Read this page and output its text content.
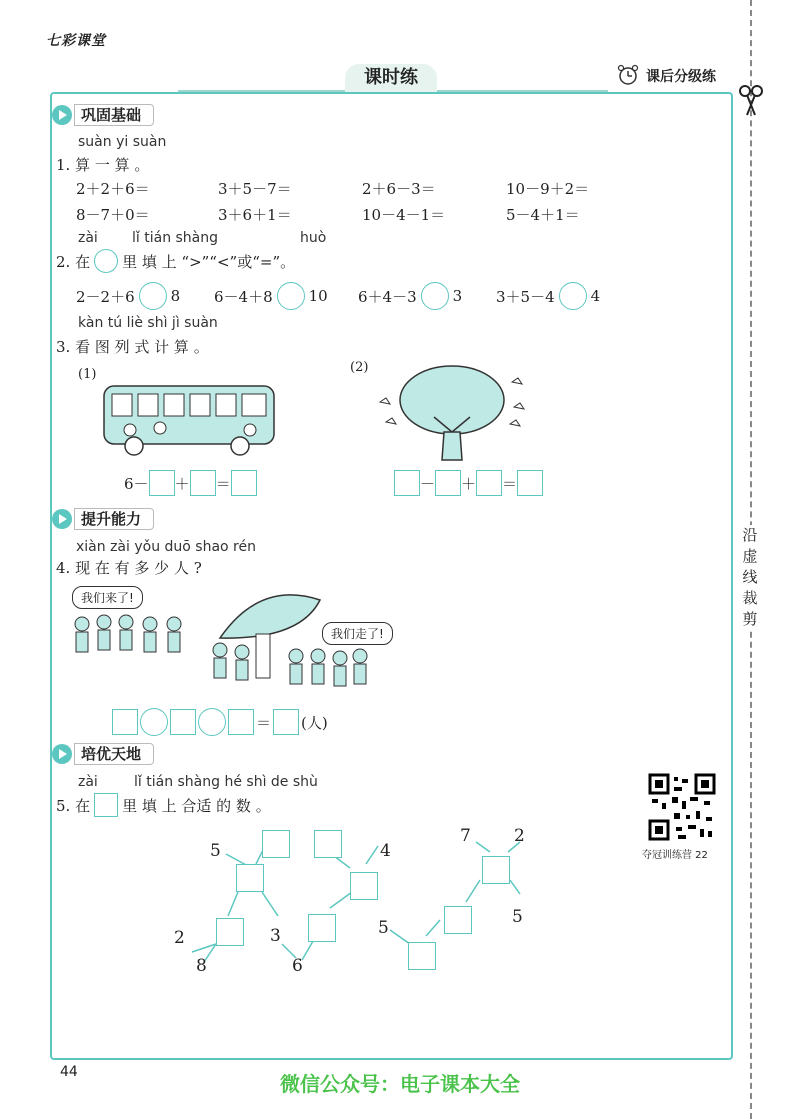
七彩课堂
课时练	课后分级练
沿
虚
线
裁
剪
巩固基础
suàn yi suàn
1. 算 一 算 。
2＋2＋6＝	3＋5－7＝	2＋6－3＝	10－9＋2＝
8－7＋0＝	3＋6＋1＝	10－4－1＝	5－4＋1＝
zài lǐ tián shàng	huò
2. 在 里 填 上 “>”“<”或“=”。
2－2＋6 8 6－4＋8 10 6＋4－3 3 3＋5－4 4
kàn tú liè shì jì suàn
3. 看 图 列 式 计 算 。
(1)	(2)
6－ ＋ ＝	－ ＋ ＝
提升能力
xiàn zài yǒu duō shao rén
4. 现 在 有 多 少 人 ?
我们来了!
我们走了!
＝ (人)
培优天地
zài	lǐ tián shàng hé shì de shù
5. 在 里 填 上 合适 的 数 。
5
2
8
3
4
6
7	2
5
5
夺冠训练营 22
44	微信公众号：电子课本大全
